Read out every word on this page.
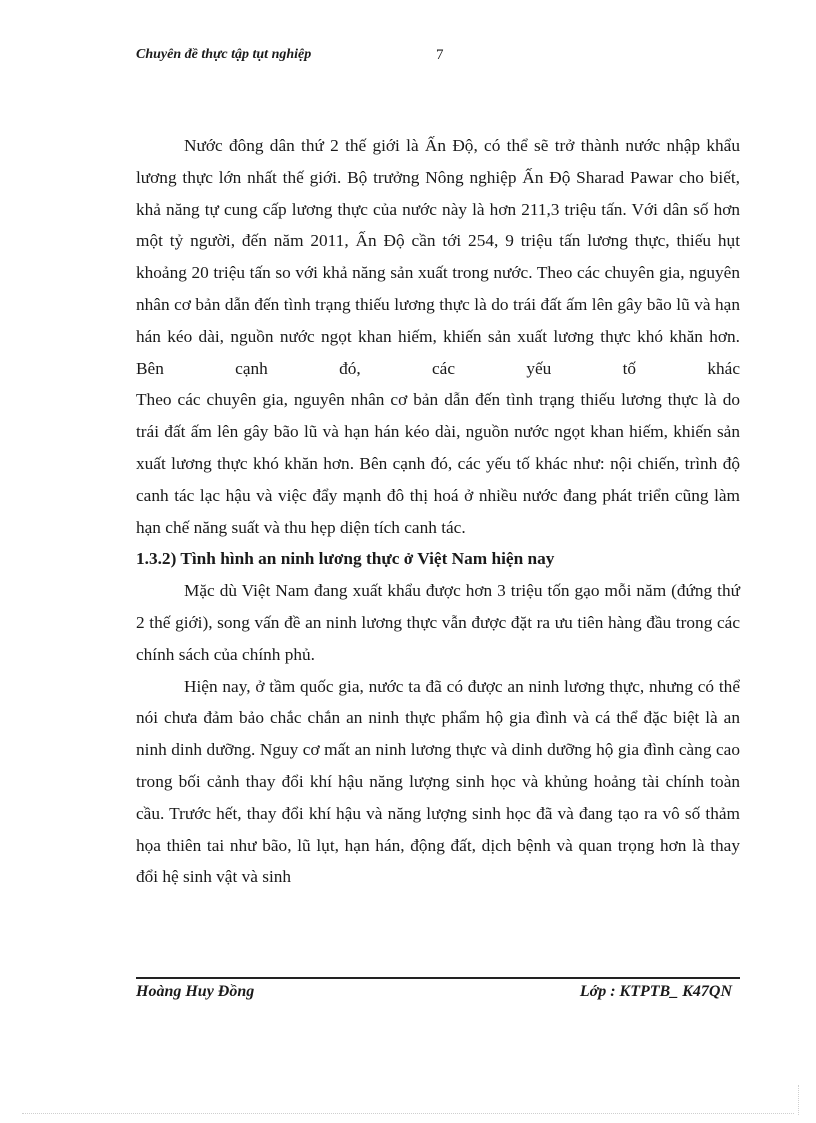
Chuyên đề thực tập tụt nghiệp	7

Nước đông dân thứ 2 thế giới là Ấn Độ, có thể sẽ trở thành nước nhập khẩu lương thực lớn nhất thế giới. Bộ trưởng Nông nghiệp Ấn Độ Sharad Pawar cho biết, khả năng tự cung cấp lương thực của nước này là hơn 211,3 triệu tấn. Với dân số hơn một tỷ người, đến năm 2011, Ấn Độ cần tới 254, 9 triệu tấn lương thực, thiếu hụt khoảng 20 triệu tấn so với khả năng sản xuất trong nước. Theo các chuyên gia, nguyên nhân cơ bản dẫn đến tình trạng thiếu lương thực là do trái đất ấm lên gây bão lũ và hạn hán kéo dài, nguồn nước ngọt khan hiếm, khiến sản xuất lương thực khó khăn hơn. Bên cạnh đó, các yếu tố khác

Theo các chuyên gia, nguyên nhân cơ bản dẫn đến tình trạng thiếu lương thực là do trái đất ấm lên gây bão lũ và hạn hán kéo dài, nguồn nước ngọt khan hiếm, khiến sản xuất lương thực khó khăn hơn. Bên cạnh đó, các yếu tố khác như: nội chiến, trình độ canh tác lạc hậu và việc đẩy mạnh đô thị hoá ở nhiều nước đang phát triển cũng làm hạn chế năng suất và thu hẹp diện tích canh tác.

1.3.2) Tình hình an ninh lương thực ở Việt Nam hiện nay

Mặc dù Việt Nam đang xuất khẩu được hơn 3 triệu tốn gạo mỗi năm (đứng thứ 2 thế giới), song vấn đề an ninh lương thực vẫn được đặt ra ưu tiên hàng đầu trong các chính sách của chính phủ.

Hiện nay, ở tầm quốc gia, nước ta đã có được an ninh lương thực, nhưng có thể nói chưa đảm bảo chắc chắn an ninh thực phẩm hộ gia đình và cá thể đặc biệt là an ninh dinh dưỡng. Nguy cơ mất an ninh lương thực và dinh dưỡng hộ gia đình càng cao trong bối cảnh thay đổi khí hậu năng lượng sinh học và khủng hoảng tài chính toàn cầu. Trước hết, thay đổi khí hậu và năng lượng sinh học đã và đang tạo ra vô số thảm họa thiên tai như bão, lũ lụt, hạn hán, động đất, dịch bệnh và quan trọng hơn là thay đổi hệ sinh vật và sinh

Hoàng Huy Đồng	Lớp : KTPTB_ K47QN
